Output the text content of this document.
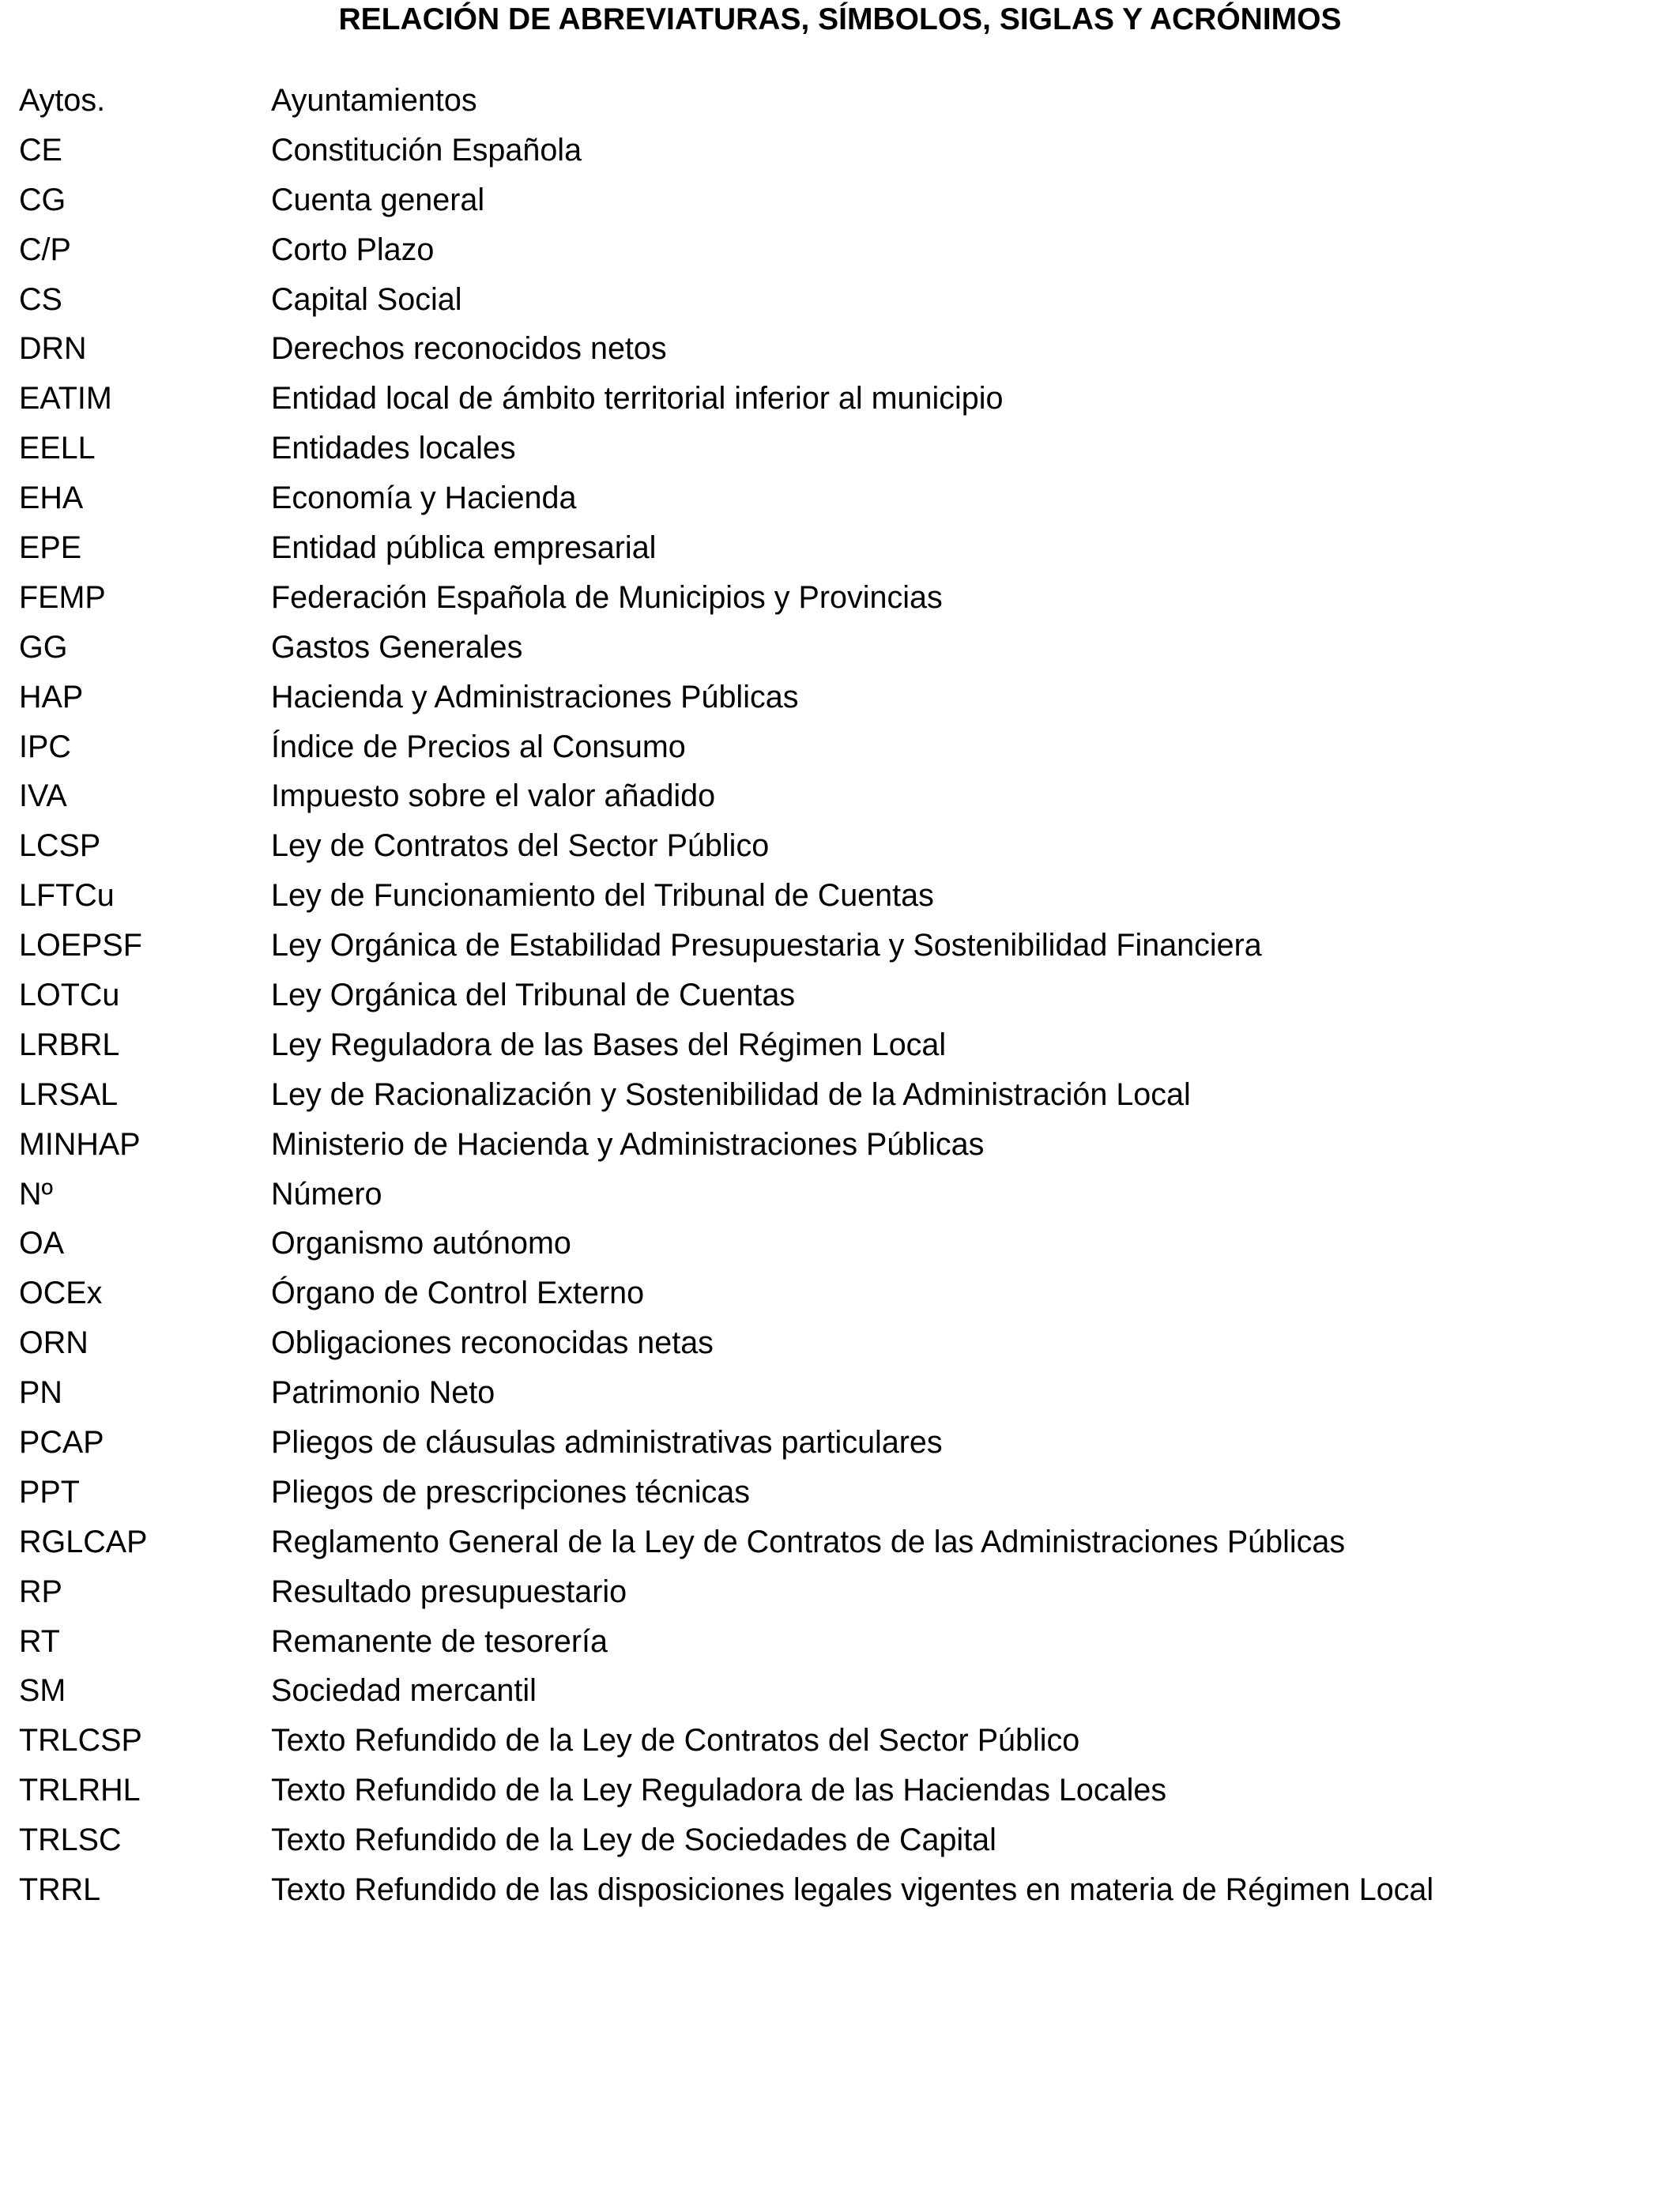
RELACIÓN DE ABREVIATURAS, SÍMBOLOS, SIGLAS Y ACRÓNIMOS
Aytos.	Ayuntamientos
CE	Constitución Española
CG	Cuenta general
C/P	Corto Plazo
CS	Capital Social
DRN	Derechos reconocidos netos
EATIM	Entidad local de ámbito territorial inferior al municipio
EELL	Entidades locales
EHA	Economía y Hacienda
EPE	Entidad pública empresarial
FEMP	Federación Española de Municipios y Provincias
GG	Gastos Generales
HAP	Hacienda y Administraciones Públicas
IPC	Índice de Precios al Consumo
IVA	Impuesto sobre el valor añadido
LCSP	Ley de Contratos del Sector Público
LFTCu	Ley de Funcionamiento del Tribunal de Cuentas
LOEPSF	Ley Orgánica de Estabilidad Presupuestaria y Sostenibilidad Financiera
LOTCu	Ley Orgánica del Tribunal de Cuentas
LRBRL	Ley Reguladora de las Bases del Régimen Local
LRSAL	Ley de Racionalización y Sostenibilidad de la Administración Local
MINHAP	Ministerio de Hacienda y Administraciones Públicas
Nº	Número
OA	Organismo autónomo
OCEx	Órgano de Control Externo
ORN	Obligaciones reconocidas netas
PN	Patrimonio Neto
PCAP	Pliegos de cláusulas administrativas particulares
PPT	Pliegos de prescripciones técnicas
RGLCAP	Reglamento General de la Ley de Contratos de las Administraciones Públicas
RP	Resultado presupuestario
RT	Remanente de tesorería
SM	Sociedad mercantil
TRLCSP	Texto Refundido de la Ley de Contratos del Sector Público
TRLRHL	Texto Refundido de la Ley Reguladora de las Haciendas Locales
TRLSC	Texto Refundido de la Ley de Sociedades de Capital
TRRL	Texto Refundido de las disposiciones legales vigentes en materia de Régimen Local
